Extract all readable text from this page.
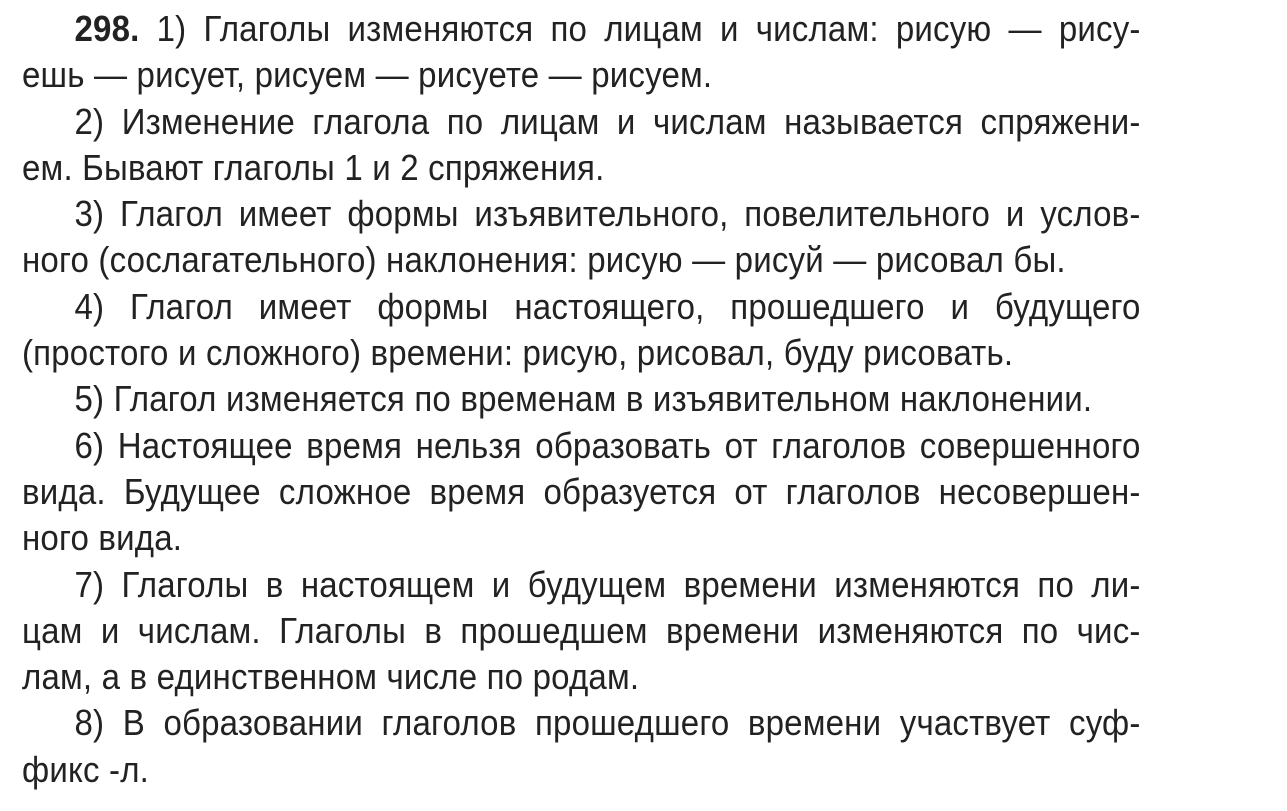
298. 1) Глаголы изменяются по лицам и числам: рисую — рису-
ешь — рисует, рисуем — рисуете — рисуем.
2) Изменение глагола по лицам и числам называется спряжени-
ем. Бывают глаголы 1 и 2 спряжения.
3) Глагол имеет формы изъявительного, повелительного и услов-
ного (сослагательного) наклонения: рисую — рисуй — рисовал бы.
4) Глагол имеет формы настоящего, прошедшего и будущего
(простого и сложного) времени: рисую, рисовал, буду рисовать.
5) Глагол изменяется по временам в изъявительном наклонении.
6) Настоящее время нельзя образовать от глаголов совершенного
вида. Будущее сложное время образуется от глаголов несовершен-
ного вида.
7) Глаголы в настоящем и будущем времени изменяются по ли-
цам и числам. Глаголы в прошедшем времени изменяются по чис-
лам, а в единственном числе по родам.
8) В образовании глаголов прошедшего времени участвует суф-
фикс -л.
